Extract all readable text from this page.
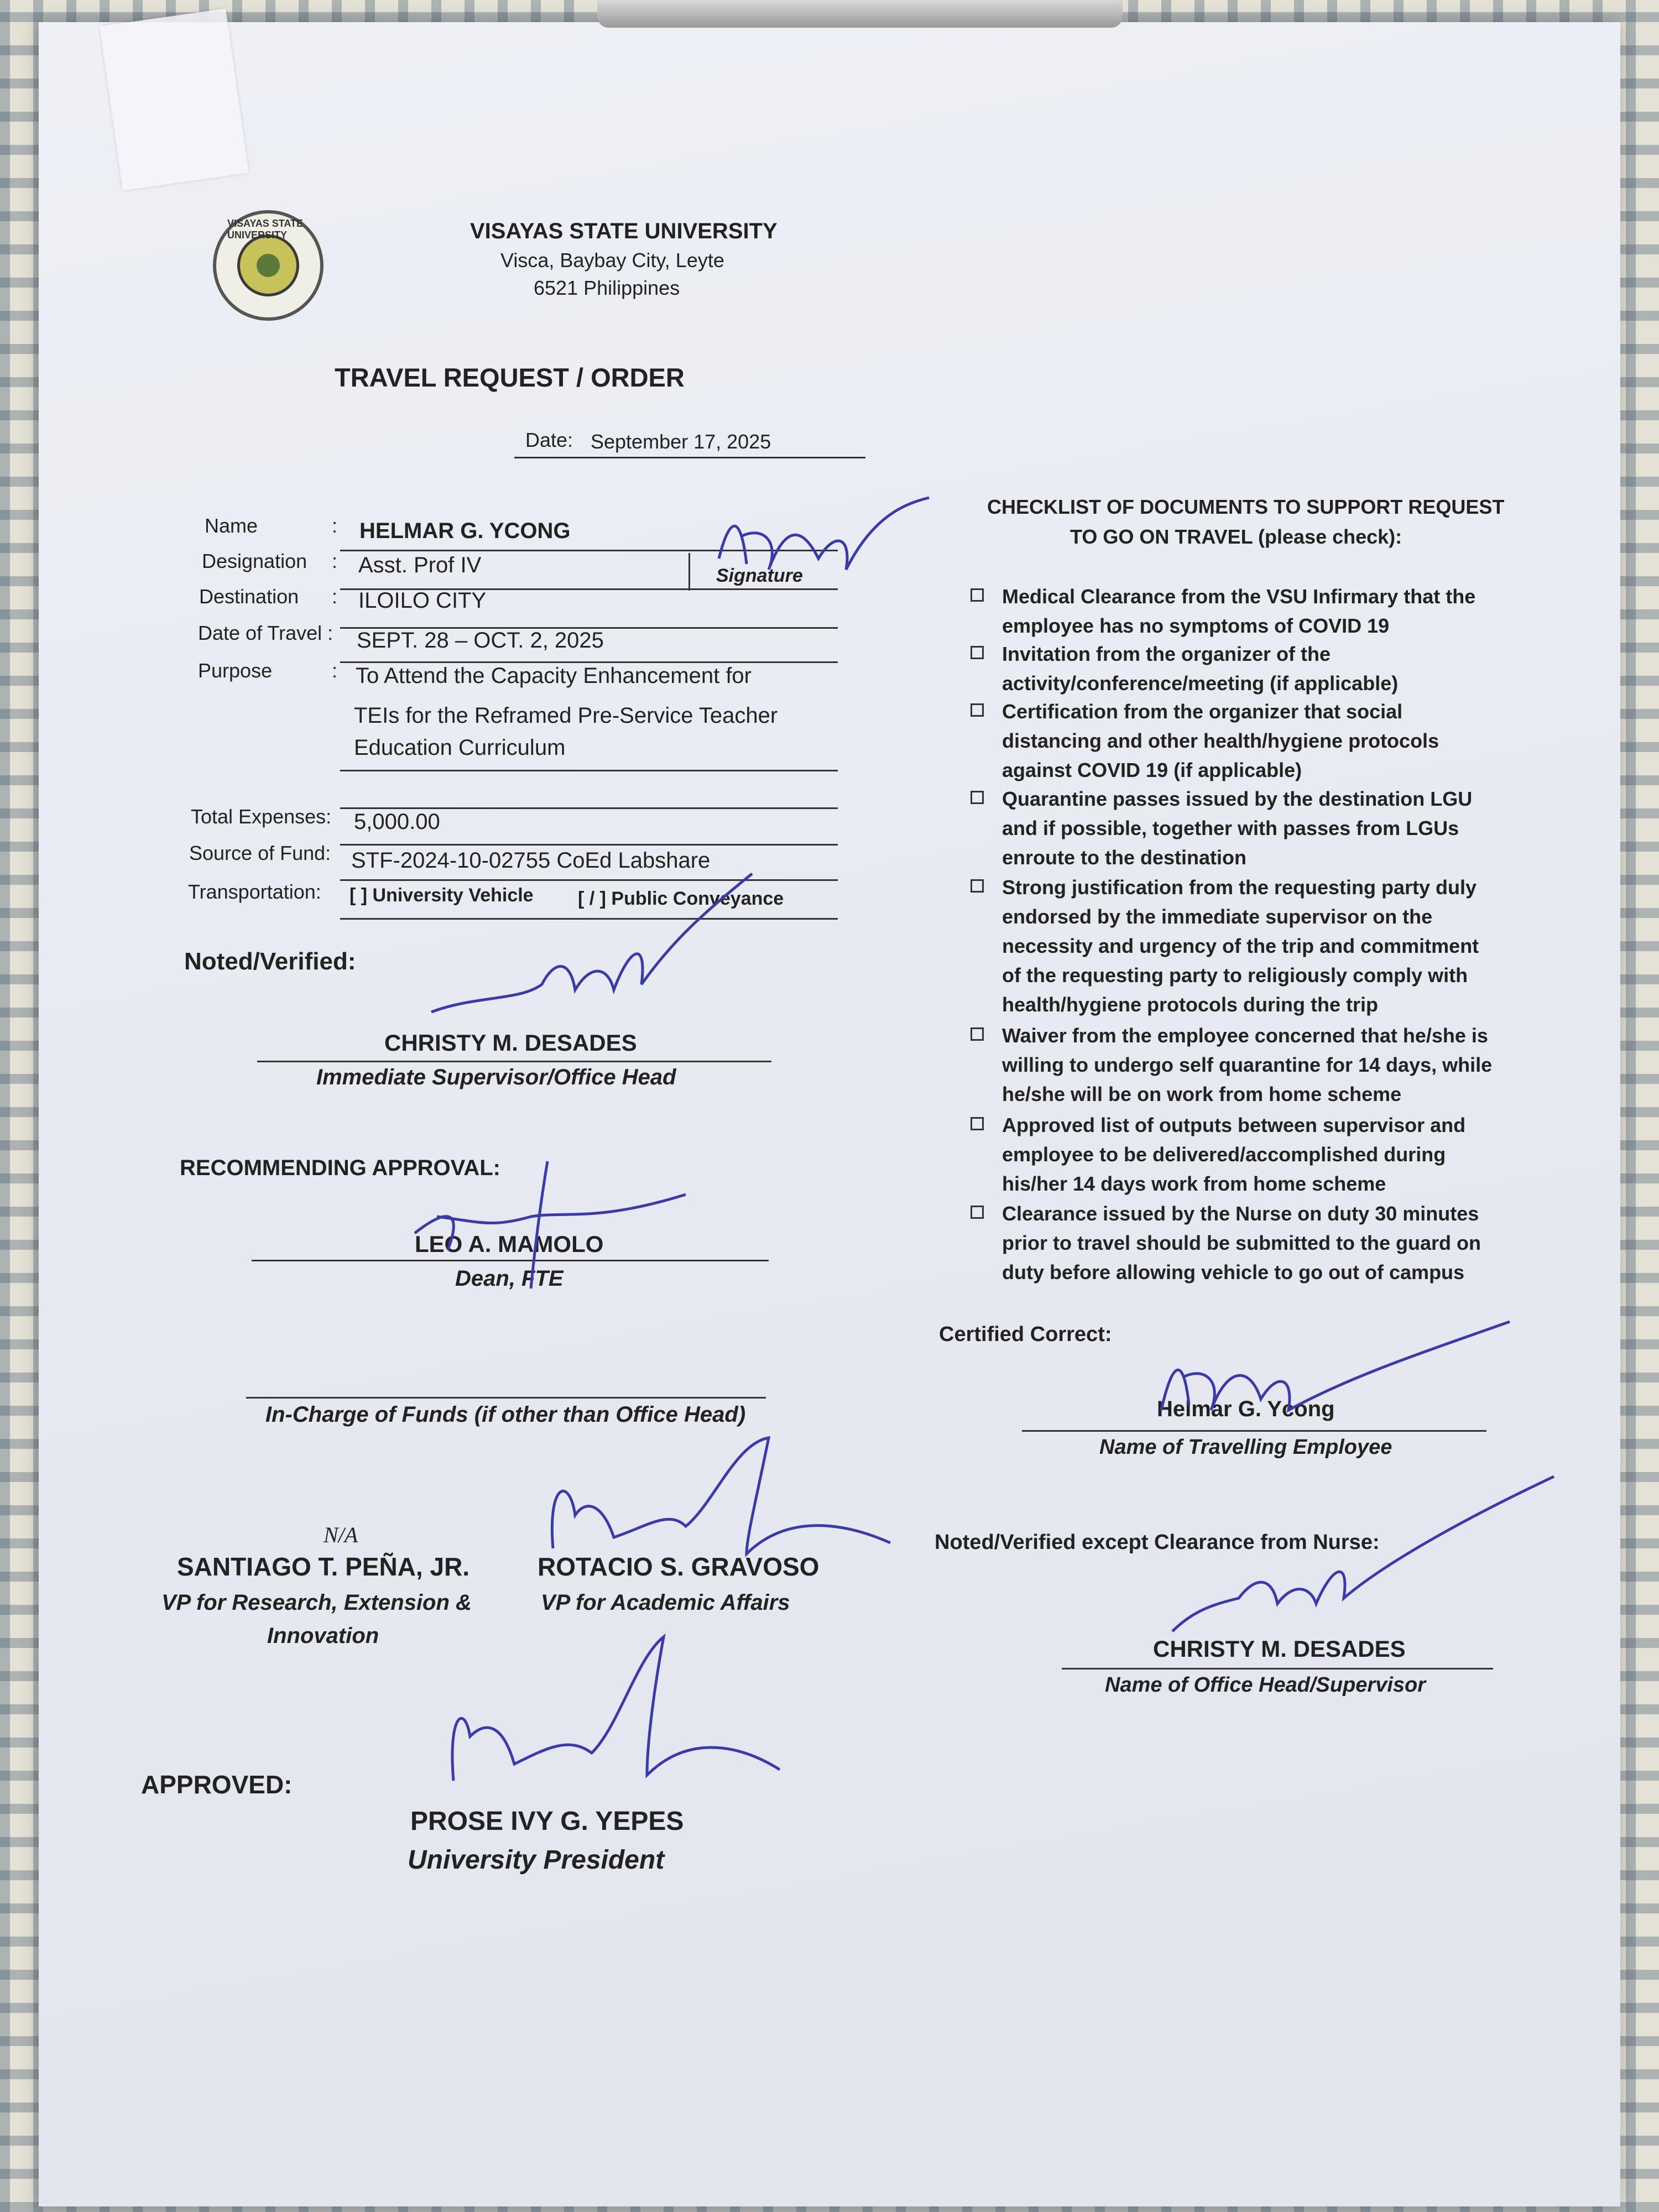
VISAYAS STATE UNIVERSITY	VISAYAS STATE UNIVERSITY
Visca, Baybay City, Leyte
6521 Philippines
TRAVEL REQUEST / ORDER
Date: September 17, 2025
Name	: HELMAR G. YCONG
Designation : Asst. Prof IV	Signature
Destination : ILOILO CITY
Date of Travel : SEPT. 28 – OCT. 2, 2025
Purpose	: To Attend the Capacity Enhancement for
TEIs for the Reframed Pre-Service Teacher
Education Curriculum
Total Expenses: 5,000.00
Source of Fund: STF-2024-10-02755 CoEd Labshare
Transportation: [ ] University Vehicle [ / ] Public Conveyance
Noted/Verified:
CHRISTY M. DESADES
Immediate Supervisor/Office Head
RECOMMENDING APPROVAL:
LEO A. MAMOLO
Dean, FTE
In-Charge of Funds (if other than Office Head)
N/A
SANTIAGO T. PEÑA, JR.
VP for Research, Extension &
Innovation
ROTACIO S. GRAVOSO
VP for Academic Affairs
APPROVED:
PROSE IVY G. YEPES
University President
CHECKLIST OF DOCUMENTS TO SUPPORT REQUEST
TO GO ON TRAVEL (please check):
Medical Clearance from the VSU Infirmary that the
employee has no symptoms of COVID 19
Invitation from the organizer of the
activity/conference/meeting (if applicable)
Certification from the organizer that social
distancing and other health/hygiene protocols
against COVID 19 (if applicable)
Quarantine passes issued by the destination LGU
and if possible, together with passes from LGUs
enroute to the destination
Strong justification from the requesting party duly
endorsed by the immediate supervisor on the
necessity and urgency of the trip and commitment
of the requesting party to religiously comply with
health/hygiene protocols during the trip
Waiver from the employee concerned that he/she is
willing to undergo self quarantine for 14 days, while
he/she will be on work from home scheme
Approved list of outputs between supervisor and
employee to be delivered/accomplished during
his/her 14 days work from home scheme
Clearance issued by the Nurse on duty 30 minutes
prior to travel should be submitted to the guard on
duty before allowing vehicle to go out of campus
Certified Correct:
Helmar G. Ycong
Name of Travelling Employee
Noted/Verified except Clearance from Nurse:
CHRISTY M. DESADES
Name of Office Head/Supervisor
